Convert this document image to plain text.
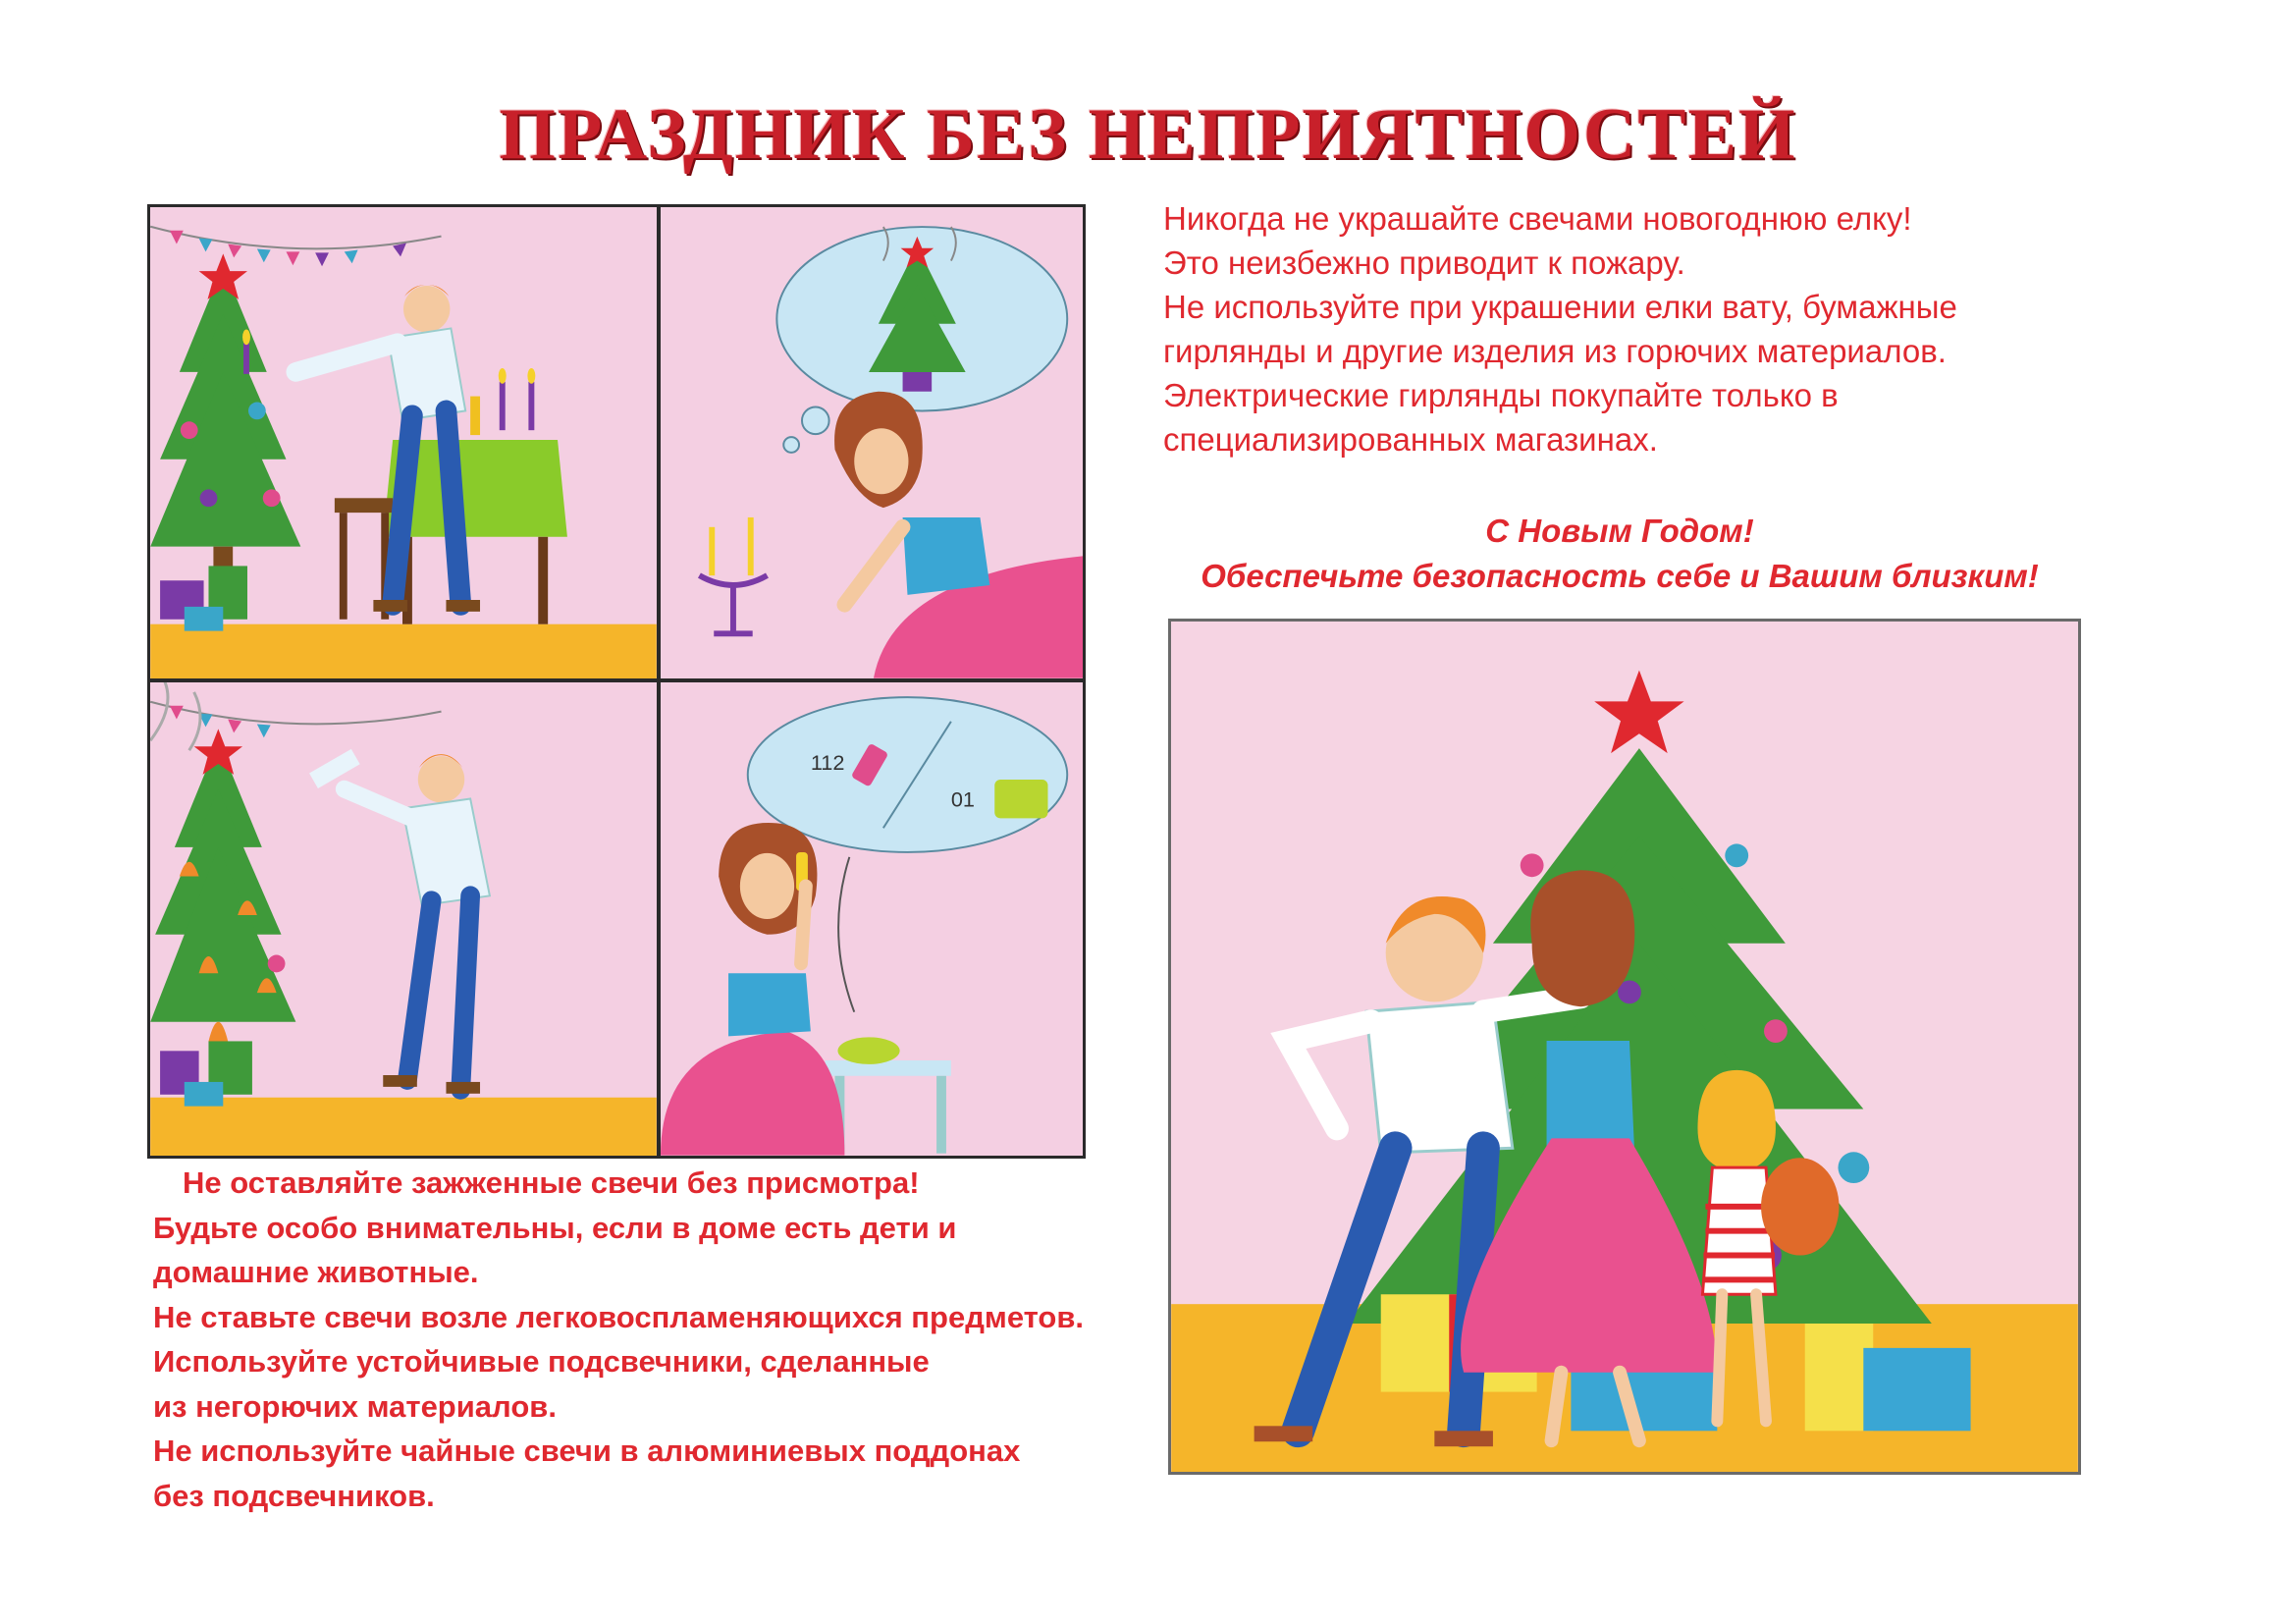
ПРАЗДНИК БЕЗ НЕПРИЯТНОСТЕЙ
112
01

Никогда не украшайте свечами новогоднюю елку!

Это неизбежно приводит к пожару.

Не используйте при украшении елки вату, бумажные

гирлянды и другие изделия из горючих материалов.

Электрические гирлянды покупайте только в

специализированных магазинах.

С Новым Годом!

Обеспечьте безопасность себе и Вашим близким!

Не оставляйте зажженные свечи без присмотра!

Будьте особо внимательны, если в доме есть дети и

домашние животные.

Не ставьте свечи возле легковоспламеняющихся предметов.

Используйте устойчивые подсвечники, сделанные

из негорючих материалов.

Не используйте чайные свечи в алюминиевых поддонах

без подсвечников.
